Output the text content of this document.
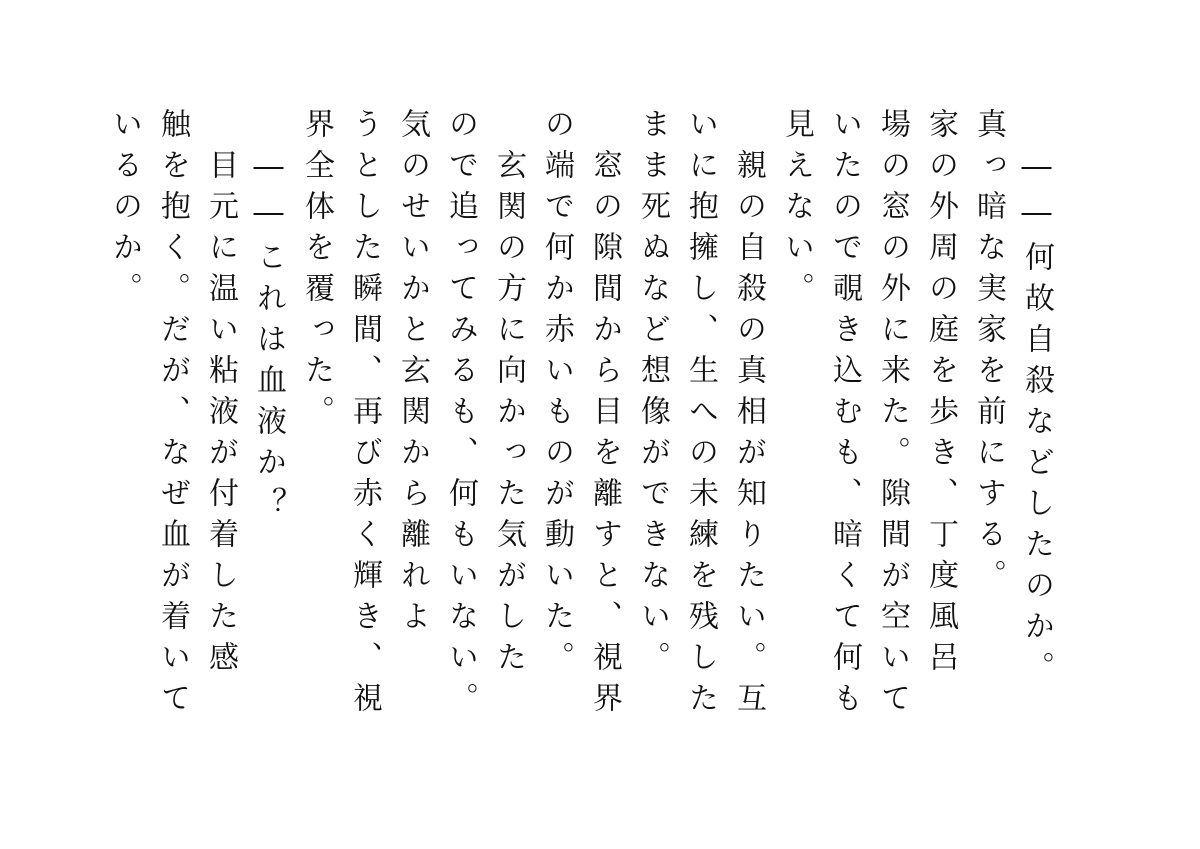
　――何故自殺などしたのか。
真っ暗な実家を前にする。
家の外周の庭を歩き、丁度風呂
場の窓の外に来た。隙間が空いて
いたので覗き込むも、暗くて何も
見えない。
　親の自殺の真相が知りたい。互
いに抱擁し、生への未練を残した
まま死ぬなど想像ができない。
　窓の隙間から目を離すと、視界
の端で何か赤いものが動いた。
　玄関の方に向かった気がした
ので追ってみるも、何もいない。
気のせいかと玄関から離れよ
うとした瞬間、再び赤く輝き、視
界全体を覆った。
　――これは血液か？
　目元に温い粘液が付着した感
触を抱く。だが、なぜ血が着いて
いるのか。
